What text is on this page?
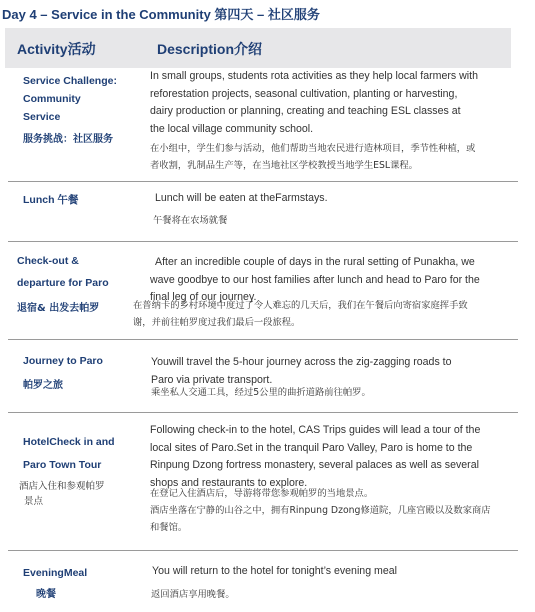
Day 4 – Service in the Community 第四天 – 社区服务
Activity活动	Description介绍
Service Challenge:
Community
Service
服务挑战：社区服务
In small groups, students rota activities as they help local farmers with
reforestation projects, seasonal cultivation, planting or harvesting,
dairy production or planning, creating and teaching ESL classes at
the local village community school.
在小组中，学生们参与活动，他们帮助当地农民进行造林项目，季节性种植，或
者收割，乳制品生产等，在当地社区学校教授当地学生ESL课程。
Lunch 午餐	Lunch will be eaten at theFarmstays.
午餐将在农场就餐
Check-out &
departure for Paro
退宿& 出发去帕罗
After an incredible couple of days in the rural setting of Punakha, we
wave goodbye to our host families after lunch and head to Paro for the
final leg of our journey.
在普纳卡的乡村环境中度过了令人难忘的几天后，我们在午餐后向寄宿家庭挥手致
谢，并前往帕罗度过我们最后一段旅程。
Journey to Paro
帕罗之旅
Youwill travel the 5-hour journey across the zig-zagging roads to
Paro via private transport.
乘坐私人交通工具，经过5公里的曲折道路前往帕罗。
HotelCheck in and
Paro Town Tour
酒店入住和参观帕罗
景点
Following check-in to the hotel, CAS Trips guides will lead a tour of the
local sites of Paro.Set in the tranquil Paro Valley, Paro is home to the
Rinpung Dzong fortress monastery, several palaces as well as several
shops and restaurants to explore.
在登记入住酒店后，导游将带您参观帕罗的当地景点。
酒店坐落在宁静的山谷之中，拥有Rinpung Dzong修道院，几座宫殿以及数家商店
和餐馆。
EveningMeal
晚餐
You will return to the hotel for tonight’s evening meal
返回酒店享用晚餐。
